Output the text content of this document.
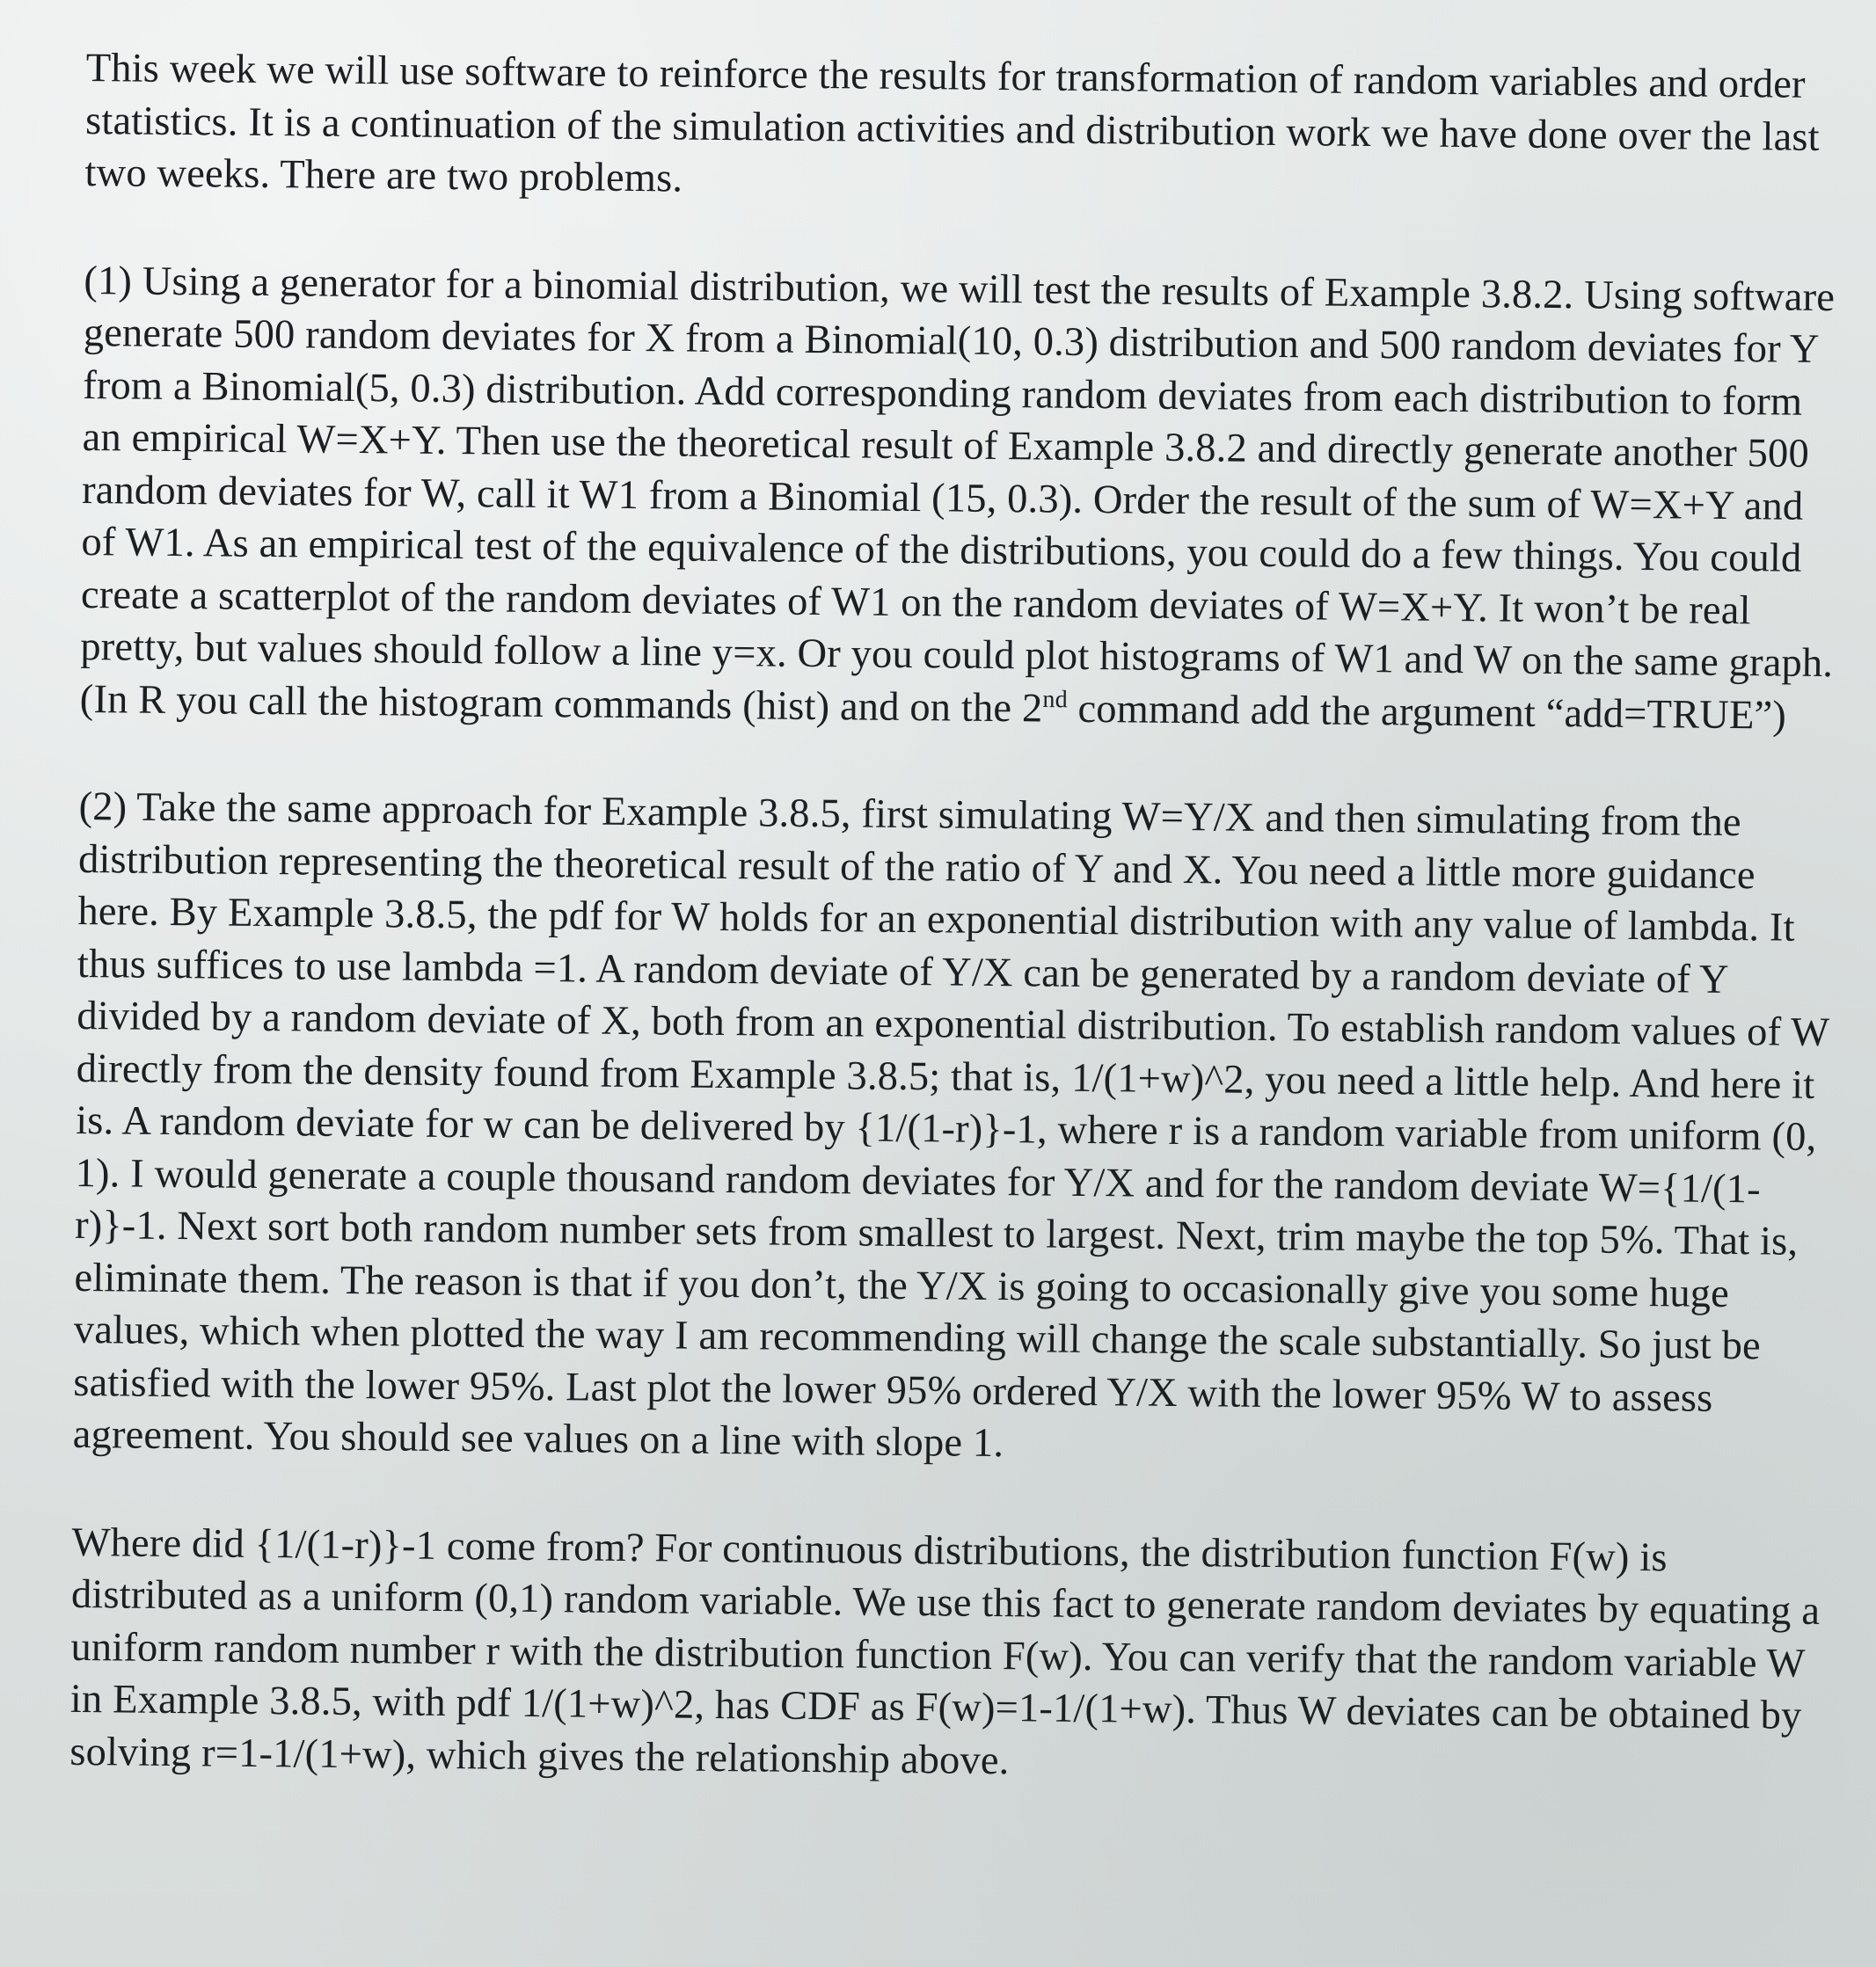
This week we will use software to reinforce the results for transformation of random variables and order statistics. It is a continuation of the simulation activities and distribution work we have done over the last two weeks. There are two problems.

(1) Using a generator for a binomial distribution, we will test the results of Example 3.8.2. Using software generate 500 random deviates for X from a Binomial(10, 0.3) distribution and 500 random deviates for Y from a Binomial(5, 0.3) distribution. Add corresponding random deviates from each distribution to form an empirical W=X+Y. Then use the theoretical result of Example 3.8.2 and directly generate another 500 random deviates for W, call it W1 from a Binomial (15, 0.3). Order the result of the sum of W=X+Y and of W1. As an empirical test of the equivalence of the distributions, you could do a few things. You could create a scatterplot of the random deviates of W1 on the random deviates of W=X+Y. It won’t be real pretty, but values should follow a line y=x. Or you could plot histograms of W1 and W on the same graph. (In R you call the histogram commands (hist) and on the 2nd command add the argument “add=TRUE”)

(2) Take the same approach for Example 3.8.5, first simulating W=Y/X and then simulating from the distribution representing the theoretical result of the ratio of Y and X. You need a little more guidance here. By Example 3.8.5, the pdf for W holds for an exponential distribution with any value of lambda. It thus suffices to use lambda =1. A random deviate of Y/X can be generated by a random deviate of Y divided by a random deviate of X, both from an exponential distribution. To establish random values of W directly from the density found from Example 3.8.5; that is, 1/(1+w)^2, you need a little help. And here it is. A random deviate for w can be delivered by {1/(1-r)}-1, where r is a random variable from uniform (0, 1). I would generate a couple thousand random deviates for Y/X and for the random deviate W={1/(1-r)}-1. Next sort both random number sets from smallest to largest. Next, trim maybe the top 5%. That is, eliminate them. The reason is that if you don’t, the Y/X is going to occasionally give you some huge values, which when plotted the way I am recommending will change the scale substantially. So just be satisfied with the lower 95%. Last plot the lower 95% ordered Y/X with the lower 95% W to assess agreement. You should see values on a line with slope 1.

Where did {1/(1-r)}-1 come from? For continuous distributions, the distribution function F(w) is distributed as a uniform (0,1) random variable. We use this fact to generate random deviates by equating a uniform random number r with the distribution function F(w). You can verify that the random variable W in Example 3.8.5, with pdf 1/(1+w)^2, has CDF as F(w)=1-1/(1+w). Thus W deviates can be obtained by solving r=1-1/(1+w), which gives the relationship above.
